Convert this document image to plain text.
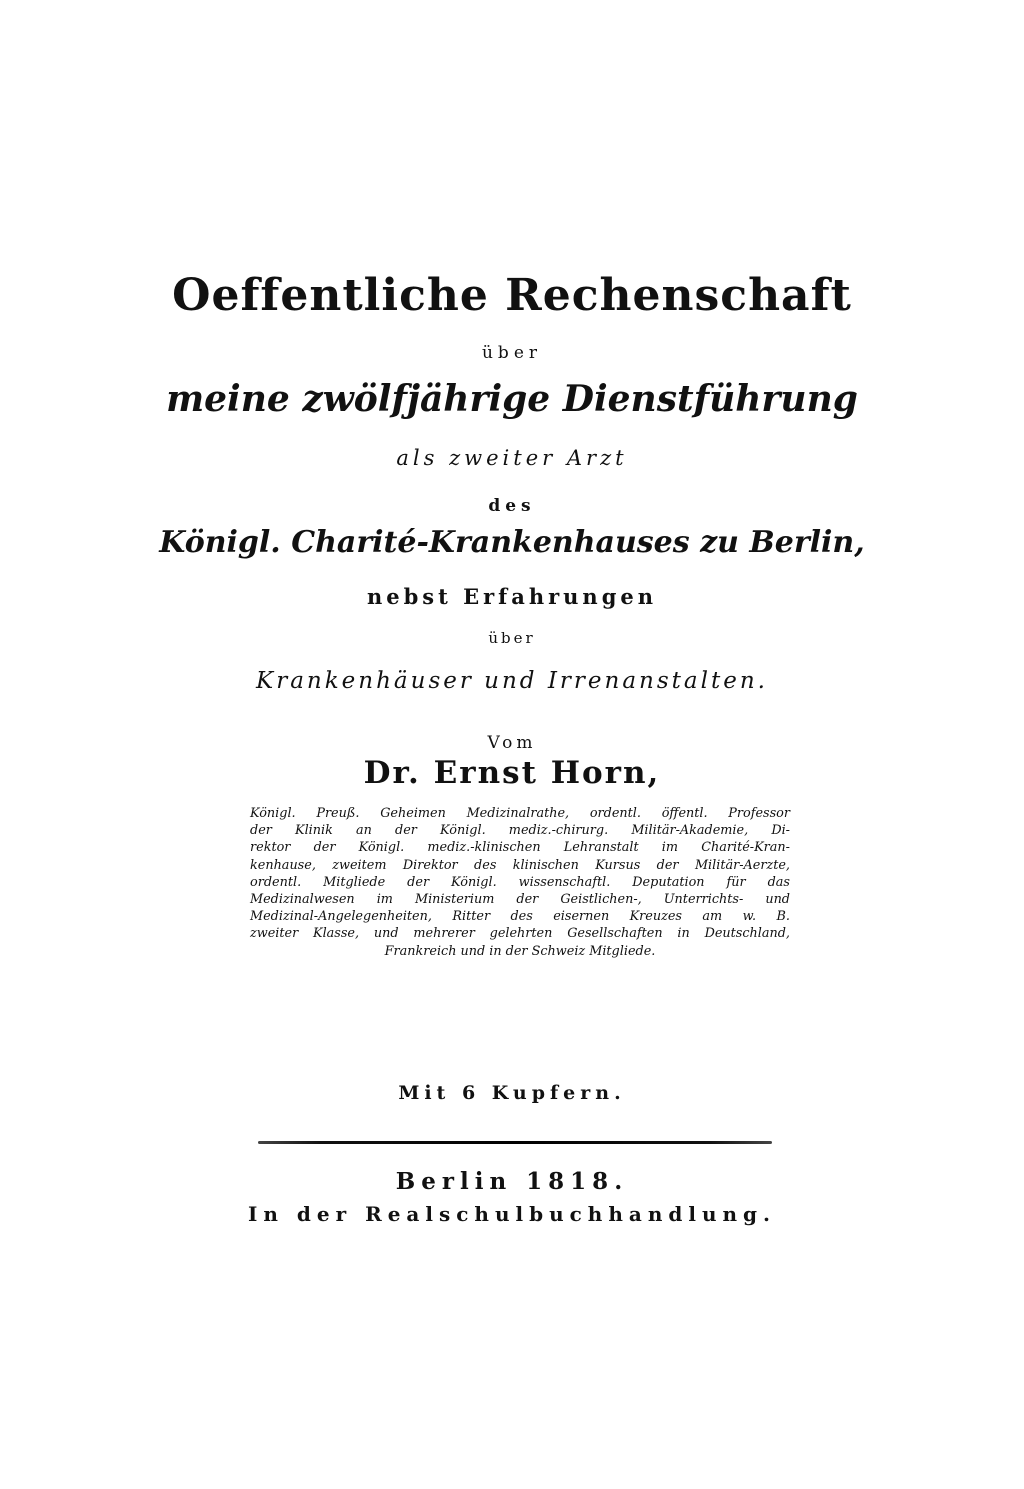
Oeffentliche Rechenschaft
über
meine zwölfjährige Dienstführung
als zweiter Arzt
des
Königl. Charité-Krankenhauses zu Berlin,
nebst Erfahrungen
über
Krankenhäuser und Irrenanstalten.
Vom
Dr. Ernst Horn,
Königl. Preuß. Geheimen Medizinalrathe, ordentl. öffentl. Professor
der Klinik an der Königl. mediz.-chirurg. Militär-Akademie, Di-
rektor der Königl. mediz.-klinischen Lehranstalt im Charité-Kran-
kenhause, zweitem Direktor des klinischen Kursus der Militär-Aerzte,
ordentl. Mitgliede der Königl. wissenschaftl. Deputation für das
Medizinalwesen im Ministerium der Geistlichen-, Unterrichts- und
Medizinal-Angelegenheiten, Ritter des eisernen Kreuzes am w. B.
zweiter Klasse, und mehrerer gelehrten Gesellschaften in Deutschland,
Frankreich und in der Schweiz Mitgliede.
Mit 6 Kupfern.
Berlin 1818.
In der Realschulbuchhandlung.
